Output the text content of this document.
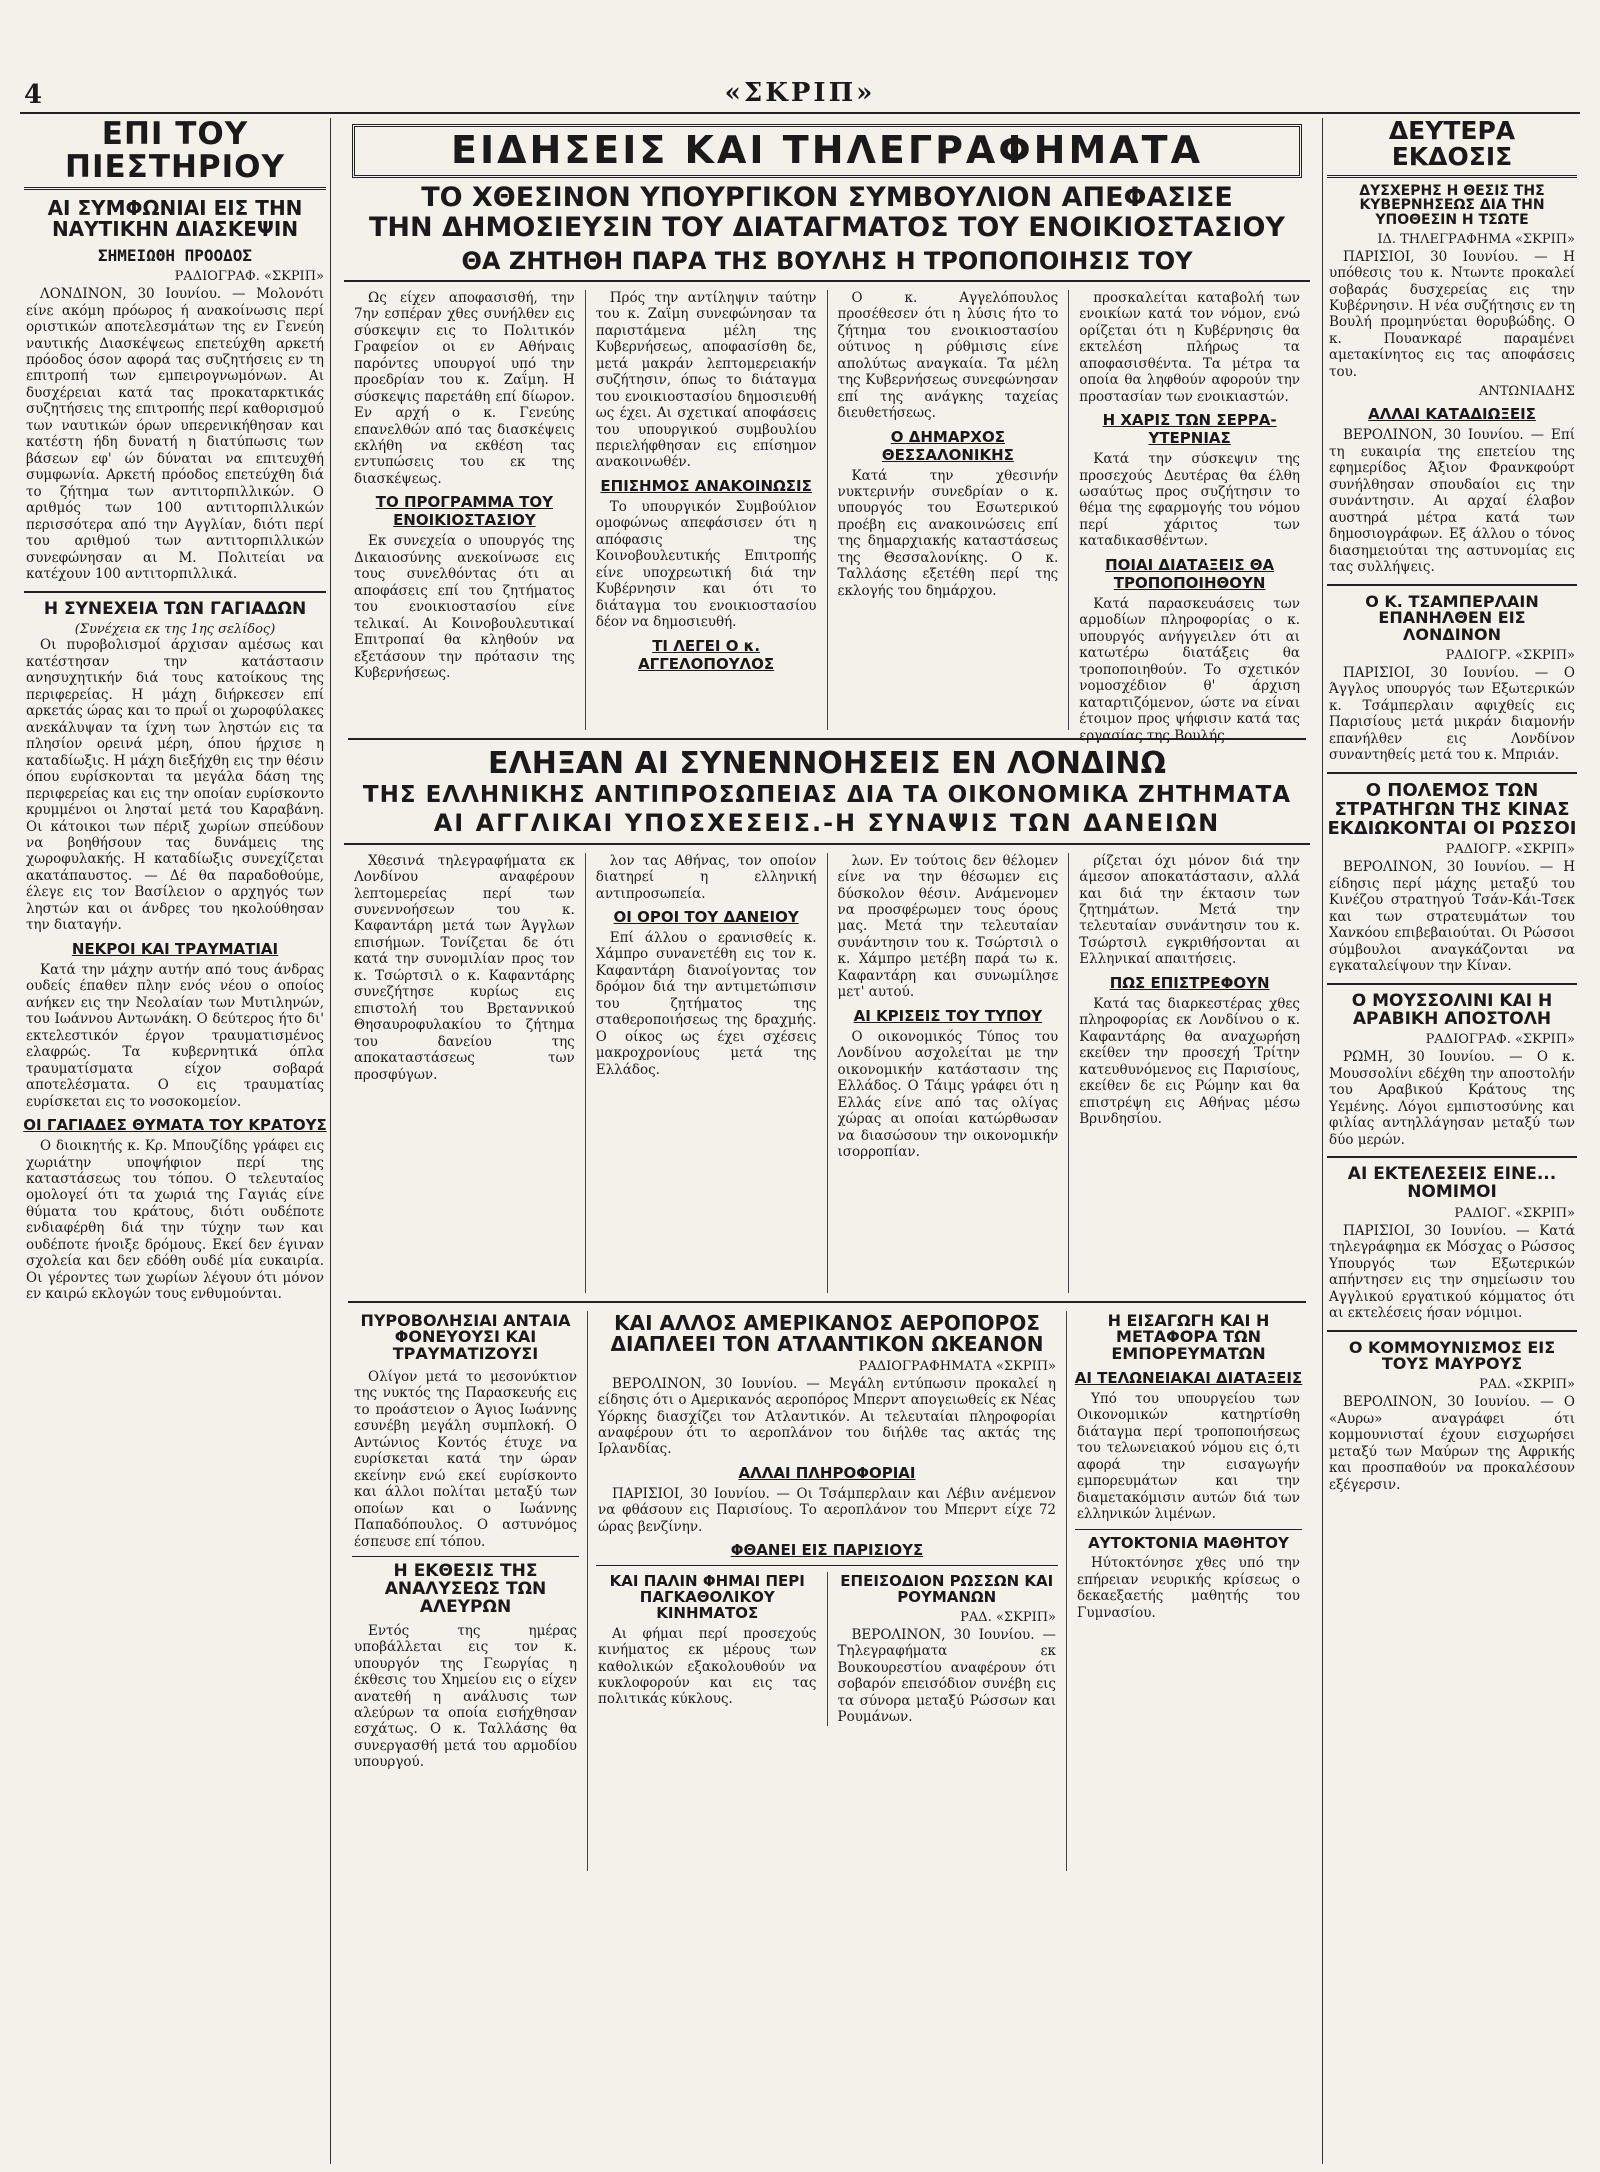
4	«ΣΚΡΙΠ»
ΕΠΙ ΤΟΥ ΠΙΕΣΤΗΡΙΟΥ
ΑΙ ΣΥΜΦΩΝΙΑΙ ΕΙΣ ΤΗΝ ΝΑΥΤΙΚΗΝ ΔΙΑΣΚΕΨΙΝ
ΣΗΜΕΙΩΘΗ ΠΡΟΟΔΟΣ
ΡΑΔΙΟΓΡΑΦ. «ΣΚΡΙΠ»

ΛΟΝΔΙΝΟΝ, 30 Ιουνίου. — Μολονότι είνε ακόμη πρόωρος ή ανακοίνωσις περί οριστικών αποτελεσμάτων της εν Γενεύη ναυτικής Διασκέψεως επετεύχθη αρκετή πρόοδος όσον αφορά τας συζητήσεις εν τη επιτροπή των εμπειρογνωμόνων. Αι δυσχέρειαι κατά τας προκαταρκτικάς συζητήσεις της επιτροπής περί καθορισμού των ναυτικών όρων υπερενικήθησαν και κατέστη ήδη δυνατή η διατύπωσις των βάσεων εφ' ών δύναται να επιτευχθή συμφωνία. Αρκετή πρόοδος επετεύχθη διά το ζήτημα των αντιτορπιλλικών. Ο αριθμός των 100 αντιτορπιλλικών περισσότερα από την Αγγλίαν, διότι περί του αριθμού των αντιτορπιλλικών συνεφώνησαν αι Μ. Πολιτείαι να κατέχουν 100 αντιτορπιλλικά.

Η ΣΥΝΕΧΕΙΑ ΤΩΝ ΓΑΓΙΑΔΩΝ
(Συνέχεια εκ της 1ης σελίδος)

Οι πυροβολισμοί άρχισαν αμέσως και κατέστησαν την κατάστασιν ανησυχητικήν διά τους κατοίκους της περιφερείας. Η μάχη διήρκεσεν επί αρκετάς ώρας και το πρωΐ οι χωροφύλακες ανεκάλυψαν τα ίχνη των ληστών εις τα πλησίον ορεινά μέρη, όπου ήρχισε η καταδίωξις. Η μάχη διεξήχθη εις την θέσιν όπου ευρίσκονται τα μεγάλα δάση της περιφερείας και εις την οποίαν ευρίσκοντο κρυμμένοι οι λησταί μετά του Καραβάνη. Οι κάτοικοι των πέριξ χωρίων σπεύδουν να βοηθήσουν τας δυνάμεις της χωροφυλακής. Η καταδίωξις συνεχίζεται ακατάπαυστος. — Δέ θα παραδοθούμε, έλεγε εις τον Βασίλειον ο αρχηγός των ληστών και οι άνδρες του ηκολούθησαν την διαταγήν.

ΝΕΚΡΟΙ ΚΑΙ ΤΡΑΥΜΑΤΙΑΙ

Κατά την μάχην αυτήν από τους άνδρας ουδείς έπαθεν πλην ενός νέου ο οποίος ανήκεν εις την Νεολαίαν των Μυτιληνών, του Ιωάννου Αντωνάκη. Ο δεύτερος ήτο δι' εκτελεστικόν έργον τραυματισμένος ελαφρώς. Τα κυβερνητικά όπλα τραυματίσματα είχον σοβαρά αποτελέσματα. Ο εις τραυματίας ευρίσκεται εις το νοσοκομείον.

ΟΙ ΓΑΓΙΑΔΕΣ ΘΥΜΑΤΑ ΤΟΥ ΚΡΑΤΟΥΣ

Ο διοικητής κ. Κρ. Μπουζίδης γράφει εις χωριάτην υποψήφιον περί της καταστάσεως του τόπου. Ο τελευταίος ομολογεί ότι τα χωριά της Γαγιάς είνε θύματα του κράτους, διότι ουδέποτε ενδιαφέρθη διά την τύχην των και ουδέποτε ήνοιξε δρόμους. Εκεί δεν έγιναν σχολεία και δεν εδόθη ουδέ μία ευκαιρία. Οι γέροντες των χωρίων λέγουν ότι μόνον εν καιρώ εκλογών τους ενθυμούνται.

ΕΙΔΗΣΕΙΣ ΚΑΙ ΤΗΛΕΓΡΑΦΗΜΑΤΑ
ΤΟ ΧΘΕΣΙΝΟΝ ΥΠΟΥΡΓΙΚΟΝ ΣΥΜΒΟΥΛΙΟΝ ΑΠΕΦΑΣΙΣΕ
ΤΗΝ ΔΗΜΟΣΙΕΥΣΙΝ ΤΟΥ ΔΙΑΤΑΓΜΑΤΟΣ ΤΟΥ ΕΝΟΙΚΙΟΣΤΑΣΙΟΥ
ΘΑ ΖΗΤΗΘΗ ΠΑΡΑ ΤΗΣ ΒΟΥΛΗΣ Η ΤΡΟΠΟΠΟΙΗΣΙΣ ΤΟΥ

Ως είχεν αποφασισθή, την 7ην εσπέραν χθες συνήλθεν εις σύσκεψιν εις το Πολιτικόν Γραφείον οι εν Αθήναις παρόντες υπουργοί υπό την προεδρίαν του κ. Ζαΐμη. Η σύσκεψις παρετάθη επί δίωρον. Εν αρχή ο κ. Γενεύης επανελθών από τας διασκέψεις εκλήθη να εκθέση τας εντυπώσεις του εκ της διασκέψεως.

ΤΟ ΠΡΟΓΡΑΜΜΑ ΤΟΥ ΕΝΟΙΚΙΟΣΤΑΣΙΟΥ

Εκ συνεχεία ο υπουργός της Δικαιοσύνης ανεκοίνωσε εις τους συνελθόντας ότι αι αποφάσεις επί του ζητήματος του ενοικιοστασίου είνε τελικαί. Αι Κοινοβουλευτικαί Επιτροπαί θα κληθούν να εξετάσουν την πρότασιν της Κυβερνήσεως.

Πρός την αντίληψιν ταύτην του κ. Ζαΐμη συνεφώνησαν τα παριστάμενα μέλη της Κυβερνήσεως, αποφασίσθη δε, μετά μακράν λεπτομερειακήν συζήτησιν, όπως το διάταγμα του ενοικιοστασίου δημοσιευθή ως έχει. Αι σχετικαί αποφάσεις του υπουργικού συμβουλίου περιελήφθησαν εις επίσημον ανακοινωθέν.

ΕΠΙΣΗΜΟΣ ΑΝΑΚΟΙΝΩΣΙΣ

Το υπουργικόν Συμβούλιον ομοφώνως απεφάσισεν ότι η απόφασις της Κοινοβουλευτικής Επιτροπής είνε υποχρεωτική διά την Κυβέρνησιν και ότι το διάταγμα του ενοικιοστασίου δέον να δημοσιευθή.

ΤΙ ΛΕΓΕΙ Ο κ. ΑΓΓΕΛΟΠΟΥΛΟΣ

Ο κ. Αγγελόπουλος προσέθεσεν ότι η λύσις ήτο το ζήτημα του ενοικιοστασίου ούτινος η ρύθμισις είνε απολύτως αναγκαία. Τα μέλη της Κυβερνήσεως συνεφώνησαν επί της ανάγκης ταχείας διευθετήσεως.

Ο ΔΗΜΑΡΧΟΣ ΘΕΣΣΑΛΟΝΙΚΗΣ

Κατά την χθεσινήν νυκτερινήν συνεδρίαν ο κ. υπουργός του Εσωτερικού προέβη εις ανακοινώσεις επί της δημαρχιακής καταστάσεως της Θεσσαλονίκης. Ο κ. Ταλλάσης εξετέθη περί της εκλογής του δημάρχου.

προσκαλείται καταβολή των ενοικίων κατά τον νόμον, ενώ ορίζεται ότι η Κυβέρνησις θα εκτελέση πλήρως τα αποφασισθέντα. Τα μέτρα τα οποία θα ληφθούν αφορούν την προστασίαν των ενοικιαστών.

Η ΧΑΡΙΣ ΤΩΝ ΣΕΡΡΑ-ΥΤΕΡΝΙΑΣ

Κατά την σύσκεψιν της προσεχούς Δευτέρας θα έλθη ωσαύτως προς συζήτησιν το θέμα της εφαρμογής του νόμου περί χάριτος των καταδικασθέντων.

ΠΟΙΑΙ ΔΙΑΤΑΞΕΙΣ ΘΑ ΤΡΟΠΟΠΟΙΗΘΟΥΝ

Κατά παρασκευάσεις των αρμοδίων πληροφορίας ο κ. υπουργός ανήγγειλεν ότι αι κατωτέρω διατάξεις θα τροποποιηθούν. Το σχετικόν νομοσχέδιον θ' άρχιση καταρτιζόμενον, ώστε να είναι έτοιμον προς ψήφισιν κατά τας εργασίας της Βουλής.

ΕΛΗΞΑΝ ΑΙ ΣΥΝΕΝΝΟΗΣΕΙΣ ΕΝ ΛΟΝΔΙΝΩ
ΤΗΣ ΕΛΛΗΝΙΚΗΣ ΑΝΤΙΠΡΟΣΩΠΕΙΑΣ ΔΙΑ ΤΑ ΟΙΚΟΝΟΜΙΚΑ ΖΗΤΗΜΑΤΑ
ΑΙ ΑΓΓΛΙΚΑΙ ΥΠΟΣΧΕΣΕΙΣ.-Η ΣΥΝΑΨΙΣ ΤΩΝ ΔΑΝΕΙΩΝ

Χθεσινά τηλεγραφήματα εκ Λονδίνου αναφέρουν λεπτομερείας περί των συνεννοήσεων του κ. Καφαντάρη μετά των Άγγλων επισήμων. Τονίζεται δε ότι κατά την συνομιλίαν προς τον κ. Τσώρτσιλ ο κ. Καφαντάρης συνεζήτησε κυρίως εις επιστολή του Βρεταννικού Θησαυροφυλακίου το ζήτημα του δανείου της αποκαταστάσεως των προσφύγων.

λον τας Αθήνας, τον οποίον διατηρεί η ελληνική αντιπροσωπεία.

ΟΙ ΟΡΟΙ ΤΟΥ ΔΑΝΕΙΟΥ

Επί άλλου ο ερανισθείς κ. Χάμπρο συνανετέθη εις τον κ. Καφαντάρη διανοίγοντας τον δρόμον διά την αντιμετώπισιν του ζητήματος της σταθεροποιήσεως της δραχμής. Ο οίκος ως έχει σχέσεις μακροχρονίους μετά της Ελλάδος.

λων. Εν τούτοις δεν θέλομεν είνε να την θέσωμεν εις δύσκολον θέσιν. Ανάμενομεν να προσφέρωμεν τους όρους μας. Μετά την τελευταίαν συνάντησιν του κ. Τσώρτσιλ ο κ. Χάμπρο μετέβη παρά τω κ. Καφαντάρη και συνωμίλησε μετ' αυτού.

ΑΙ ΚΡΙΣΕΙΣ ΤΟΥ ΤΥΠΟΥ

Ο οικονομικός Τύπος του Λονδίνου ασχολείται με την οικονομικήν κατάστασιν της Ελλάδος. Ο Τάιμς γράφει ότι η Ελλάς είνε από τας ολίγας χώρας αι οποίαι κατώρθωσαν να διασώσουν την οικονομικήν ισορροπίαν.

ρίζεται όχι μόνον διά την άμεσον αποκατάστασιν, αλλά και διά την έκτασιν των ζητημάτων. Μετά την τελευταίαν συνάντησιν του κ. Τσώρτσιλ εγκριθήσονται αι Ελληνικαί απαιτήσεις.

ΠΩΣ ΕΠΙΣΤΡΕΦΟΥΝ

Κατά τας διαρκεστέρας χθες πληροφορίας εκ Λονδίνου ο κ. Καφαντάρης θα αναχωρήση εκείθεν την προσεχή Τρίτην κατευθυνόμενος εις Παρισίους, εκείθεν δε εις Ρώμην και θα επιστρέψη εις Αθήνας μέσω Βρινδησίου.

ΠΥΡΟΒΟΛΗΣΙΑΙ ΑΝΤΑΙΑ ΦΟΝΕΥΟΥΣΙ ΚΑΙ ΤΡΑΥΜΑΤΙΖΟΥΣΙ

Ολίγον μετά το μεσονύκτιον της νυκτός της Παρασκευής εις το προάστειον ο Άγιος Ιωάννης εσυνέβη μεγάλη συμπλοκή. Ο Αντώνιος Κοντός έτυχε να ευρίσκεται κατά την ώραν εκείνην ενώ εκεί ευρίσκοντο και άλλοι πολίται μεταξύ των οποίων και ο Ιωάννης Παπαδόπουλος. Ο αστυνόμος έσπευσε επί τόπου.

Η ΕΚΘΕΣΙΣ ΤΗΣ ΑΝΑΛΥΣΕΩΣ ΤΩΝ ΑΛΕΥΡΩΝ

Εντός της ημέρας υποβάλλεται εις τον κ. υπουργόν της Γεωργίας η έκθεσις του Χημείου εις ο είχεν ανατεθή η ανάλυσις των αλεύρων τα οποία εισήχθησαν εσχάτως. Ο κ. Ταλλάσης θα συνεργασθή μετά του αρμοδίου υπουργού.

ΚΑΙ ΑΛΛΟΣ ΑΜΕΡΙΚΑΝΟΣ ΑΕΡΟΠΟΡΟΣ ΔΙΑΠΛΕΕΙ ΤΟΝ ΑΤΛΑΝΤΙΚΟΝ ΩΚΕΑΝΟΝ
ΡΑΔΙΟΓΡΑΦΗΜΑΤΑ «ΣΚΡΙΠ»

ΒΕΡΟΛΙΝΟΝ, 30 Ιουνίου. — Μεγάλη εντύπωσιν προκαλεί η είδησις ότι ο Αμερικανός αεροπόρος Μπερντ απογειωθείς εκ Νέας Υόρκης διασχίζει τον Ατλαντικόν. Αι τελευταίαι πληροφορίαι αναφέρουν ότι το αεροπλάνον του διήλθε τας ακτάς της Ιρλανδίας.

ΑΛΛΑΙ ΠΛΗΡΟΦΟΡΙΑΙ

ΠΑΡΙΣΙΟΙ, 30 Ιουνίου. — Οι Τσάμπερλαιν και Λέβιν ανέμενον να φθάσουν εις Παρισίους. Το αεροπλάνον του Μπερντ είχε 72 ώρας βενζίνην.

ΦΘΑΝΕΙ ΕΙΣ ΠΑΡΙΣΙΟΥΣ
ΚΑΙ ΠΑΛΙΝ ΦΗΜΑΙ ΠΕΡΙ ΠΑΓΚΑΘΟΛΙΚΟΥ ΚΙΝΗΜΑΤΟΣ

Αι φήμαι περί προσεχούς κινήματος εκ μέρους των καθολικών εξακολουθούν να κυκλοφορούν και εις τας πολιτικάς κύκλους.

ΕΠΕΙΣΟΔΙΟΝ ΡΩΣΣΩΝ ΚΑΙ ΡΟΥΜΑΝΩΝ
ΡΑΔ. «ΣΚΡΙΠ»

ΒΕΡΟΛΙΝΟΝ, 30 Ιουνίου. — Τηλεγραφήματα εκ Βουκουρεστίου αναφέρουν ότι σοβαρόν επεισόδιον συνέβη εις τα σύνορα μεταξύ Ρώσσων και Ρουμάνων.

Η ΕΙΣΑΓΩΓΗ ΚΑΙ Η ΜΕΤΑΦΟΡΑ ΤΩΝ ΕΜΠΟΡΕΥΜΑΤΩΝ
ΑΙ ΤΕΛΩΝΕΙΑΚΑΙ ΔΙΑΤΑΞΕΙΣ

Υπό του υπουργείου των Οικονομικών κατηρτίσθη διάταγμα περί τροποποιήσεως του τελωνειακού νόμου εις ό,τι αφορά την εισαγωγήν εμπορευμάτων και την διαμετακόμισιν αυτών διά των ελληνικών λιμένων.

ΑΥΤΟΚΤΟΝΙΑ ΜΑΘΗΤΟΥ

Ηύτοκτόνησε χθες υπό την επήρειαν νευρικής κρίσεως ο δεκαεξαετής μαθητής του Γυμνασίου.

ΔΕΥΤΕΡΑ ΕΚΔΟΣΙΣ
ΔΥΣΧΕΡΗΣ Η ΘΕΣΙΣ ΤΗΣ ΚΥΒΕΡΝΗΣΕΩΣ ΔΙΑ ΤΗΝ ΥΠΟΘΕΣΙΝ Η ΤΣΩΤΕ
ΙΔ. ΤΗΛΕΓΡΑΦΗΜΑ «ΣΚΡΙΠ»

ΠΑΡΙΣΙΟΙ, 30 Ιουνίου. — Η υπόθεσις του κ. Ντωντε προκαλεί σοβαράς δυσχερείας εις την Κυβέρνησιν. Η νέα συζήτησις εν τη Βουλή προμηνύεται θορυβώδης. Ο κ. Πουανκαρέ παραμένει αμετακίνητος εις τας αποφάσεις του.

ΑΝΤΩΝΙΑΔΗΣ
ΑΛΛΑΙ ΚΑΤΑΔΙΩΞΕΙΣ

ΒΕΡΟΛΙΝΟΝ, 30 Ιουνίου. — Επί τη ευκαιρία της επετείου της εφημερίδος Άξιον Φρανκφούρτ συνήλθησαν σπουδαίοι εις την συνάντησιν. Αι αρχαί έλαβον αυστηρά μέτρα κατά των δημοσιογράφων. Εξ άλλου ο τόνος διασημειούται της αστυνομίας εις τας συλλήψεις.

Ο Κ. ΤΣΑΜΠΕΡΛΑΙΝ ΕΠΑΝΗΛΘΕΝ ΕΙΣ ΛΟΝΔΙΝΟΝ
ΡΑΔΙΟΓΡ. «ΣΚΡΙΠ»

ΠΑΡΙΣΙΟΙ, 30 Ιουνίου. — Ο Άγγλος υπουργός των Εξωτερικών κ. Τσάμπερλαιν αφιχθείς εις Παρισίους μετά μικράν διαμονήν επανήλθεν εις Λονδίνον συναντηθείς μετά του κ. Μπριάν.

Ο ΠΟΛΕΜΟΣ ΤΩΝ ΣΤΡΑΤΗΓΩΝ ΤΗΣ ΚΙΝΑΣ ΕΚΔΙΩΚΟΝΤΑΙ ΟΙ ΡΩΣΣΟΙ
ΡΑΔΙΟΓΡ. «ΣΚΡΙΠ»

ΒΕΡΟΛΙΝΟΝ, 30 Ιουνίου. — Η είδησις περί μάχης μεταξύ του Κινέζου στρατηγού Τσάν-Κάι-Τσεκ και των στρατευμάτων του Χανκόου επιβεβαιούται. Οι Ρώσσοι σύμβουλοι αναγκάζονται να εγκαταλείψουν την Κίναν.

Ο ΜΟΥΣΣΟΛΙΝΙ ΚΑΙ Η ΑΡΑΒΙΚΗ ΑΠΟΣΤΟΛΗ
ΡΑΔΙΟΓΡΑΦ. «ΣΚΡΙΠ»

ΡΩΜΗ, 30 Ιουνίου. — Ο κ. Μουσσολίνι εδέχθη την αποστολήν του Αραβικού Κράτους της Υεμένης. Λόγοι εμπιστοσύνης και φιλίας αντηλλάγησαν μεταξύ των δύο μερών.

ΑΙ ΕΚΤΕΛΕΣΕΙΣ ΕΙΝΕ... ΝΟΜΙΜΟΙ
ΡΑΔΙΟΓ. «ΣΚΡΙΠ»

ΠΑΡΙΣΙΟΙ, 30 Ιουνίου. — Κατά τηλεγράφημα εκ Μόσχας ο Ρώσσος Υπουργός των Εξωτερικών απήντησεν εις την σημείωσιν του Αγγλικού εργατικού κόμματος ότι αι εκτελέσεις ήσαν νόμιμοι.

Ο ΚΟΜΜΟΥΝΙΣΜΟΣ ΕΙΣ ΤΟΥΣ ΜΑΥΡΟΥΣ
ΡΑΔ. «ΣΚΡΙΠ»

ΒΕΡΟΛΙΝΟΝ, 30 Ιουνίου. — Ο «Αυρω» αναγράφει ότι κομμουνισταί έχουν εισχωρήσει μεταξύ των Μαύρων της Αφρικής και προσπαθούν να προκαλέσουν εξέγερσιν.
